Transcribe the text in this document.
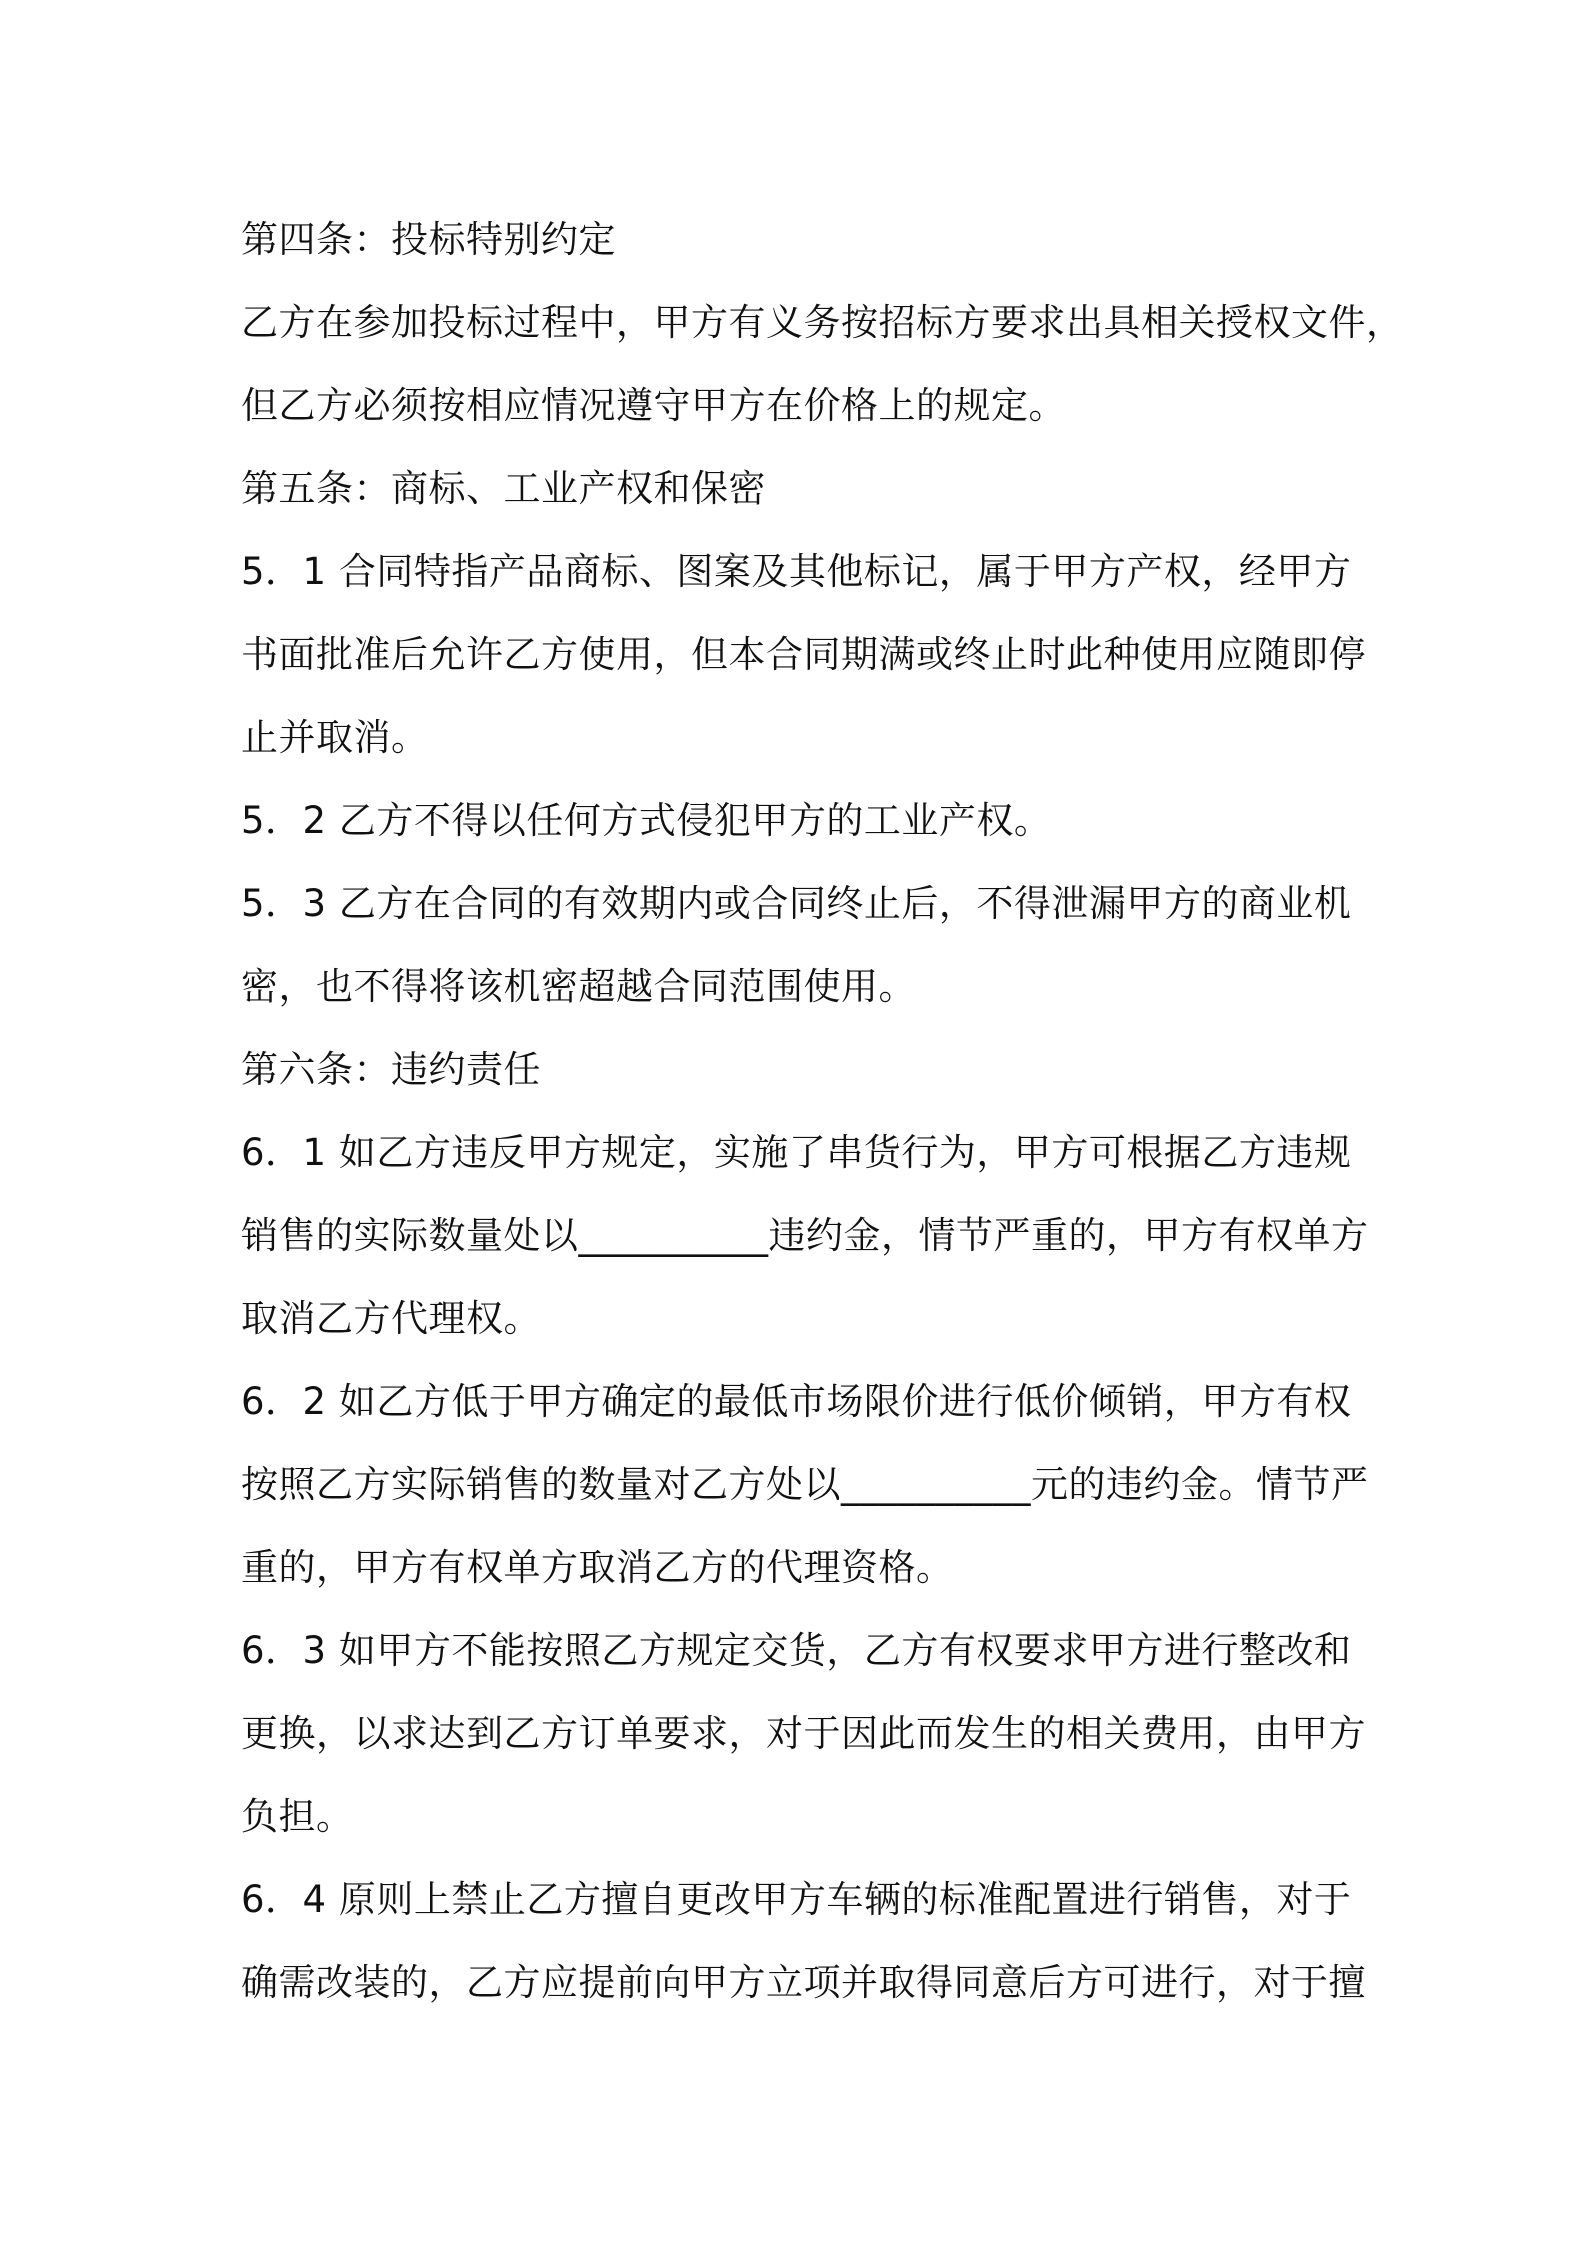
第四条：投标特别约定
乙方在参加投标过程中，甲方有义务按招标方要求出具相关授权文件，
但乙方必须按相应情况遵守甲方在价格上的规定。
第五条：商标、工业产权和保密
5．1 合同特指产品商标、图案及其他标记，属于甲方产权，经甲方
书面批准后允许乙方使用，但本合同期满或终止时此种使用应随即停
止并取消。
5．2 乙方不得以任何方式侵犯甲方的工业产权。
5．3 乙方在合同的有效期内或合同终止后，不得泄漏甲方的商业机
密，也不得将该机密超越合同范围使用。
第六条：违约责任
6．1 如乙方违反甲方规定，实施了串货行为，甲方可根据乙方违规
销售的实际数量处以__________违约金，情节严重的，甲方有权单方
取消乙方代理权。
6．2 如乙方低于甲方确定的最低市场限价进行低价倾销，甲方有权
按照乙方实际销售的数量对乙方处以__________元的违约金。情节严
重的，甲方有权单方取消乙方的代理资格。
6．3 如甲方不能按照乙方规定交货，乙方有权要求甲方进行整改和
更换，以求达到乙方订单要求，对于因此而发生的相关费用，由甲方
负担。
6．4 原则上禁止乙方擅自更改甲方车辆的标准配置进行销售，对于
确需改装的，乙方应提前向甲方立项并取得同意后方可进行，对于擅
